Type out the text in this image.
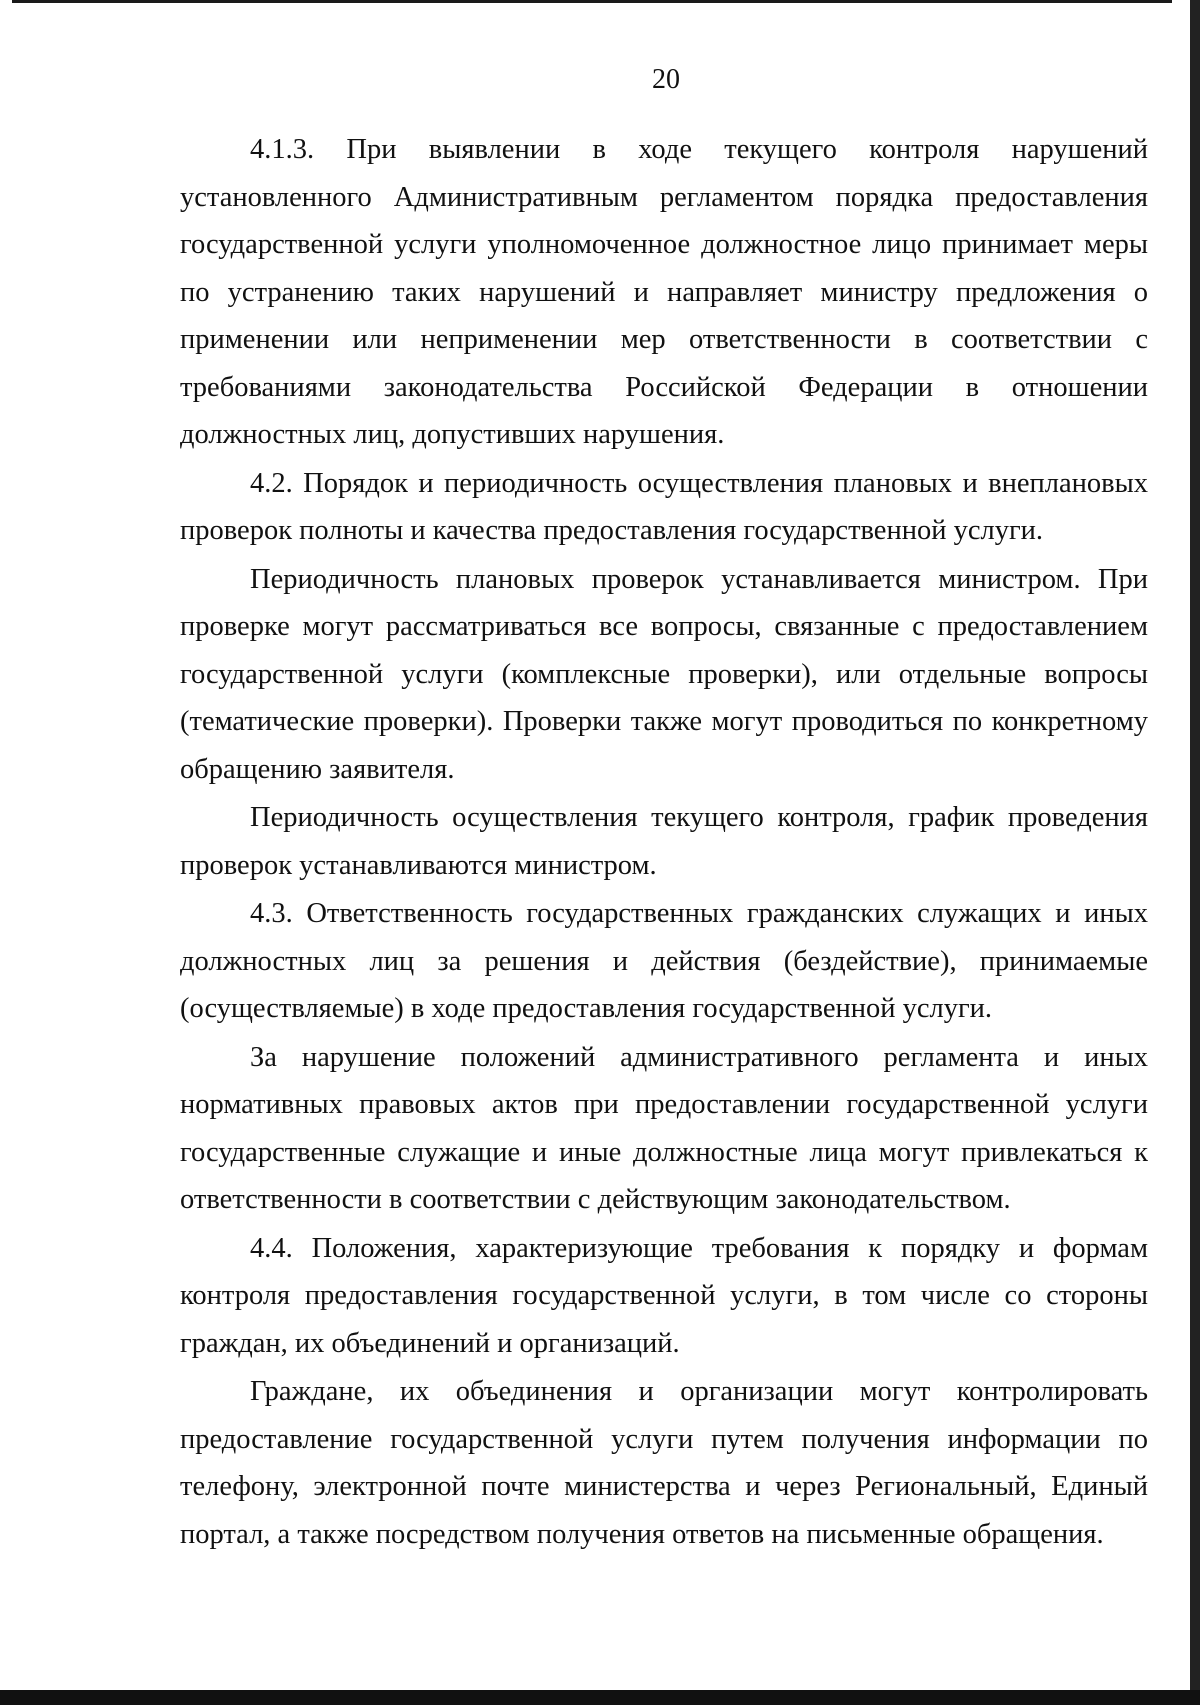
20

4.1.3. При выявлении в ходе текущего контроля нарушений установленного Административным регламентом порядка предоставления государственной услуги уполномоченное должностное лицо принимает меры по устранению таких нарушений и направляет министру предложения о применении или неприменении мер ответственности в соответствии с требованиями законодательства Российской Федерации в отношении должностных лиц, допустивших нарушения.

4.2. Порядок и периодичность осуществления плановых и внеплановых проверок полноты и качества предоставления государственной услуги.

Периодичность плановых проверок устанавливается министром. При проверке могут рассматриваться все вопросы, связанные с предоставлением государственной услуги (комплексные проверки), или отдельные вопросы (тематические проверки). Проверки также могут проводиться по конкретному обращению заявителя.

Периодичность осуществления текущего контроля, график проведения проверок устанавливаются министром.

4.3. Ответственность государственных гражданских служащих и иных должностных лиц за решения и действия (бездействие), принимаемые (осуществляемые) в ходе предоставления государственной услуги.

За нарушение положений административного регламента и иных нормативных правовых актов при предоставлении государственной услуги государственные служащие и иные должностные лица могут привлекаться к ответственности в соответствии с действующим законодательством.

4.4. Положения, характеризующие требования к порядку и формам контроля предоставления государственной услуги, в том числе со стороны граждан, их объединений и организаций.

Граждане, их объединения и организации могут контролировать предоставление государственной услуги путем получения информации по телефону, электронной почте министерства и через Региональный, Единый портал, а также посредством получения ответов на письменные обращения.
